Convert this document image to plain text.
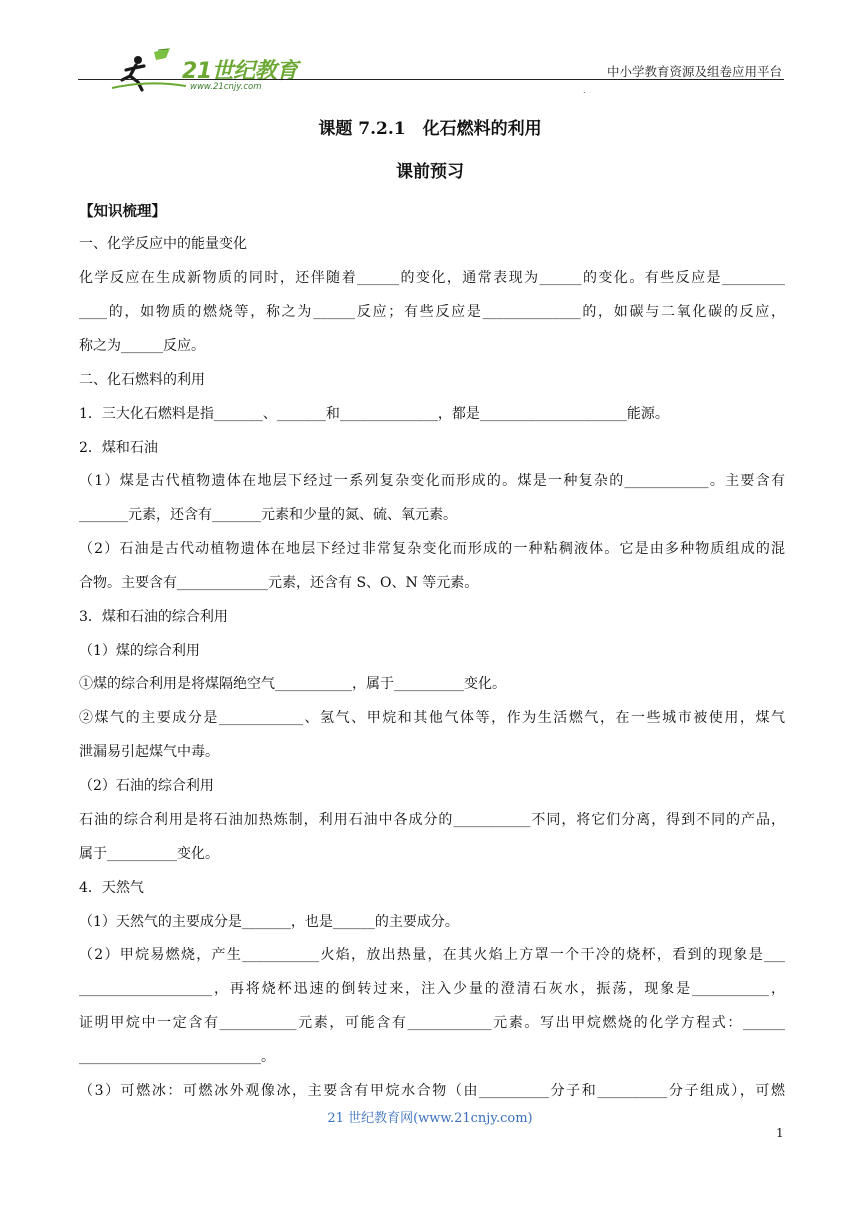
21世纪教育
www.21cnjy.com
中小学教育资源及组卷应用平台
.
课题 7.2.1　化石燃料的利用
课前预习
【知识梳理】
一、化学反应中的能量变化
化学反应在生成新物质的同时，还伴随着______的变化，通常表现为______的变化。有些反应是_________
____的，如物质的燃烧等，称之为______反应；有些反应是______________的，如碳与二氧化碳的反应，
称之为______反应。
二、化石燃料的利用
1．三大化石燃料是指_______、_______和______________，都是_____________________能源。
2．煤和石油
（1）煤是古代植物遗体在地层下经过一系列复杂变化而形成的。煤是一种复杂的____________。主要含有
_______元素，还含有_______元素和少量的氮、硫、氧元素。
（2）石油是古代动植物遗体在地层下经过非常复杂变化而形成的一种粘稠液体。它是由多种物质组成的混
合物。主要含有_____________元素，还含有 S、O、N 等元素。
3．煤和石油的综合利用
（1）煤的综合利用
①煤的综合利用是将煤隔绝空气___________，属于__________变化。
②煤气的主要成分是____________、氢气、甲烷和其他气体等，作为生活燃气，在一些城市被使用，煤气
泄漏易引起煤气中毒。
（2）石油的综合利用
石油的综合利用是将石油加热炼制，利用石油中各成分的___________不同，将它们分离，得到不同的产品，
属于__________变化。
4．天然气
（1）天然气的主要成分是_______，也是______的主要成分。
（2）甲烷易燃烧，产生___________火焰，放出热量，在其火焰上方罩一个干冷的烧杯，看到的现象是___
___________________，再将烧杯迅速的倒转过来，注入少量的澄清石灰水，振荡，现象是___________，
证明甲烷中一定含有___________元素，可能含有____________元素。写出甲烷燃烧的化学方程式：______
__________________________。
（3）可燃冰：可燃冰外观像冰，主要含有甲烷水合物（由__________分子和__________分子组成），可燃
21 世纪教育网(www.21cnjy.com)
1
